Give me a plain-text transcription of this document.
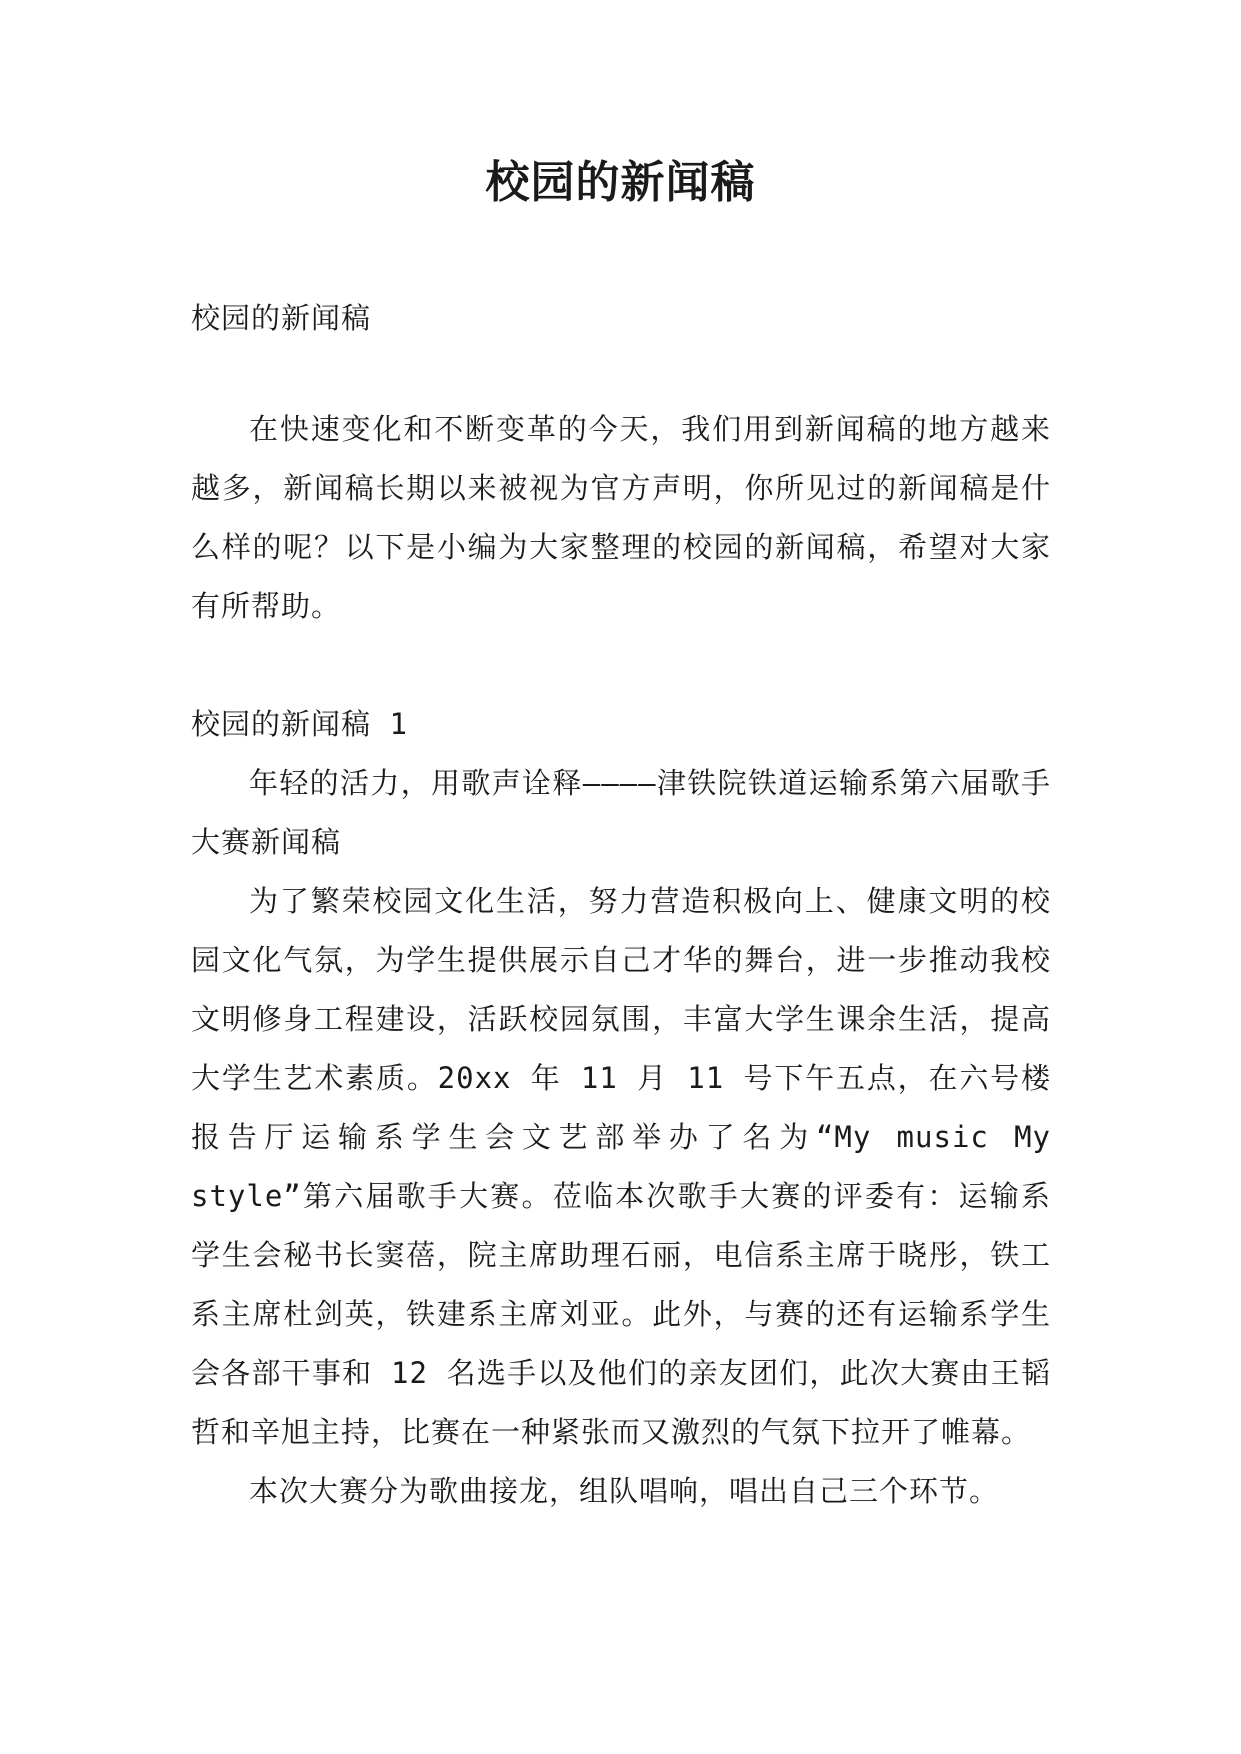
校园的新闻稿

校园的新闻稿

在快速变化和不断变革的今天，我们用到新闻稿的地方越来越多，新闻稿长期以来被视为官方声明，你所见过的新闻稿是什么样的呢？以下是小编为大家整理的校园的新闻稿，希望对大家有所帮助。

校园的新闻稿 1

年轻的活力，用歌声诠释————津铁院铁道运输系第六届歌手大赛新闻稿

为了繁荣校园文化生活，努力营造积极向上、健康文明的校园文化气氛，为学生提供展示自己才华的舞台，进一步推动我校文明修身工程建设，活跃校园氛围，丰富大学生课余生活，提高大学生艺术素质。20xx 年 11 月 11 号下午五点，在六号楼报告厅运输系学生会文艺部举办了名为“My music My style”第六届歌手大赛。莅临本次歌手大赛的评委有：运输系学生会秘书长窦蓓，院主席助理石丽，电信系主席于晓彤，铁工系主席杜剑英，铁建系主席刘亚。此外，与赛的还有运输系学生会各部干事和 12 名选手以及他们的亲友团们，此次大赛由王韬哲和辛旭主持，比赛在一种紧张而又激烈的气氛下拉开了帷幕。

本次大赛分为歌曲接龙，组队唱响，唱出自己三个环节。
